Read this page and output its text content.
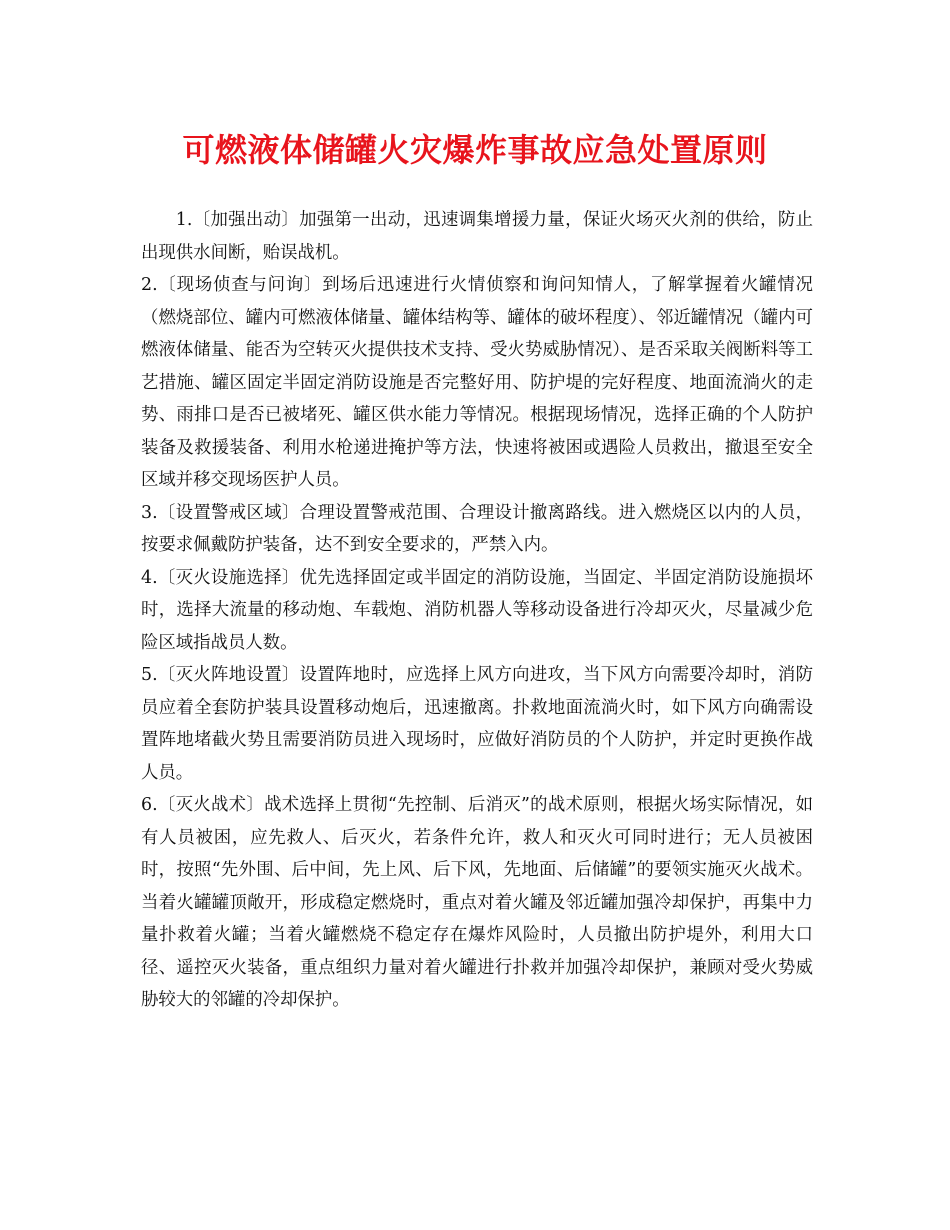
可燃液体储罐火灾爆炸事故应急处置原则

1.〔加强出动〕加强第一出动，迅速调集增援力量，保证火场灭火剂的供给，防止出现供水间断，贻误战机。

2.〔现场侦查与问询〕到场后迅速进行火情侦察和询问知情人，了解掌握着火罐情况（燃烧部位、罐内可燃液体储量、罐体结构等、罐体的破坏程度）、邻近罐情况（罐内可燃液体储量、能否为空转灭火提供技术支持、受火势威胁情况）、是否采取关阀断料等工艺措施、罐区固定半固定消防设施是否完整好用、防护堤的完好程度、地面流淌火的走势、雨排口是否已被堵死、罐区供水能力等情况。根据现场情况，选择正确的个人防护装备及救援装备、利用水枪递进掩护等方法，快速将被困或遇险人员救出，撤退至安全区域并移交现场医护人员。

3.〔设置警戒区域〕合理设置警戒范围、合理设计撤离路线。进入燃烧区以内的人员，按要求佩戴防护装备，达不到安全要求的，严禁入内。

4.〔灭火设施选择〕优先选择固定或半固定的消防设施，当固定、半固定消防设施损坏时，选择大流量的移动炮、车载炮、消防机器人等移动设备进行冷却灭火，尽量减少危险区域指战员人数。

5.〔灭火阵地设置〕设置阵地时，应选择上风方向进攻，当下风方向需要冷却时，消防员应着全套防护装具设置移动炮后，迅速撤离。扑救地面流淌火时，如下风方向确需设置阵地堵截火势且需要消防员进入现场时，应做好消防员的个人防护，并定时更换作战人员。

6.〔灭火战术〕战术选择上贯彻“先控制、后消灭”的战术原则，根据火场实际情况，如有人员被困，应先救人、后灭火，若条件允许，救人和灭火可同时进行；无人员被困时，按照“先外围、后中间，先上风、后下风，先地面、后储罐”的要领实施灭火战术。当着火罐罐顶敞开，形成稳定燃烧时，重点对着火罐及邻近罐加强冷却保护，再集中力量扑救着火罐；当着火罐燃烧不稳定存在爆炸风险时，人员撤出防护堤外，利用大口径、遥控灭火装备，重点组织力量对着火罐进行扑救并加强冷却保护，兼顾对受火势威胁较大的邻罐的冷却保护。
